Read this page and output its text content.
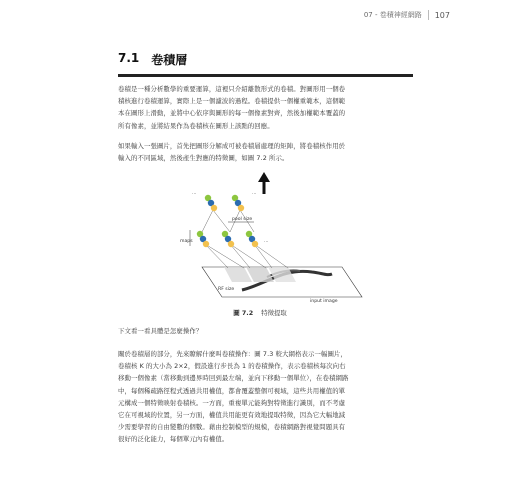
07 - 卷積神經網路 107
7.1 卷積層
卷積是一種分析數學的重要運算，這裡只介紹離散形式的卷積。對圖形用一個卷
積核進行卷積運算，實際上是一個濾波的過程。卷積提供一個權重範本，這個範
本在圖形上滑動，並將中心依序與圖形的每一個像素對齊，然後加權範本覆蓋的
所有像素，並將結果作為卷積核在圖形上該點的回應。
如果輸入一張圖片，首先把圖形分解成可被卷積層處理的矩陣，將卷積核作用於
輸入的不同區域，然後產生對應的特徵圖，如圖 7.2 所示。
pool size
maps
RF size
input image
...
...
...
圖 7.2 特徵提取
下文看一看具體是怎麼操作？
關於卷積層的部分，先來瞭解什麼叫卷積操作：圖 7.3 較大網格表示一幅圖片，
卷積核 K 的大小為 2×2，假設進行步長為 1 的卷積操作，表示卷積核每次向右
移動一個像素（當移動到邊界時回到最左端，並向下移動一個單位），在卷積網路
中，每個稀疏路徑程式透過共用權值，都會覆蓋整個可視域，這些共用權值的單
元構成一個特徵映射卷積核。一方面，重複單元能夠對特徵進行識別，而不考慮
它在可視域的位置，另一方面，權值共用能更有效地提取特徵，因為它大幅地減
少需要學習的自由變數的個數。藉由控制模型的規模，卷積網路對視覺問題具有
很好的泛化能力，每個單元內有權值。
